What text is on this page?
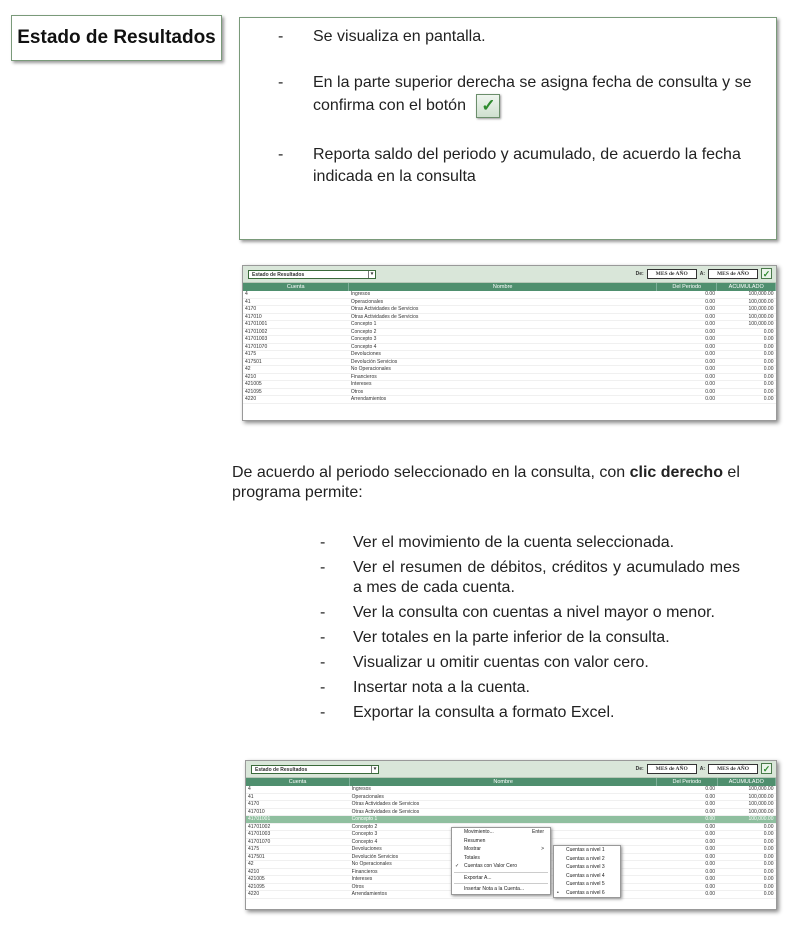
Estado de Resultados	-	Se visualiza en pantalla.
-	En la parte superior derecha se asigna fecha de consulta y se confirma con el botón ✓
-	Reporta saldo del periodo y acumulado, de acuerdo la fecha indicada en la consulta
Estado de Resultados	▾	De:	MES de AÑO	A:	MES de AÑO	✓
Cuenta	Nombre	Del Periodo	ACUMULADO
4	Ingresos	0.00	100,000.00
41	Operacionales	0.00	100,000.00
4170	Otras Actividades de Servicios	0.00	100,000.00
417010	Otras Actividades de Servicios	0.00	100,000.00
41701001	Concepto 1	0.00	100,000.00
41701002	Concepto 2	0.00	0.00
41701003	Concepto 3	0.00	0.00
41701070	Concepto 4	0.00	0.00
4175	Devoluciones	0.00	0.00
417501	Devolución Servicios	0.00	0.00
42	No Operacionales	0.00	0.00
4210	Financieros	0.00	0.00
421005	Intereses	0.00	0.00
421095	Otros	0.00	0.00
4220	Arrendamientos	0.00	0.00
De acuerdo al periodo seleccionado en la consulta, con clic derecho el programa permite:
-	Ver el movimiento de la cuenta seleccionada.
-	Ver el resumen de débitos, créditos y acumulado mes a mes de cada cuenta.
-	Ver la consulta con cuentas a nivel mayor o menor.
-	Ver totales en la parte inferior de la consulta.
-	Visualizar u omitir cuentas con valor cero.
-	Insertar nota a la cuenta.
-	Exportar la consulta a formato Excel.
Estado de Resultados	▾	De:	MES de AÑO	A:	MES de AÑO	✓
Cuenta	Nombre	Del Periodo	ACUMULADO
4	Ingresos	0.00	100,000.00
41	Operacionales	0.00	100,000.00
4170	Otras Actividades de Servicios	0.00	100,000.00
417010	Otras Actividades de Servicios	0.00	100,000.00
41701001	Concepto 1	0.00	100,000.00
41701002	Concepto 2	0.00	0.00
41701003	Concepto 3	0.00	0.00
41701070	Concepto 4	0.00	0.00
4175	Devoluciones	0.00	0.00
417501	Devolución Servicios	0.00	0.00
42	No Operacionales	0.00	0.00
4210	Financieros	0.00	0.00
421005	Intereses	0.00	0.00
421095	Otros	0.00	0.00
4220	Arrendamientos	0.00	0.00
Movimiento...	Enter
Resumen
Mostrar	>
Totales
✓ Cuentas con Valor Cero
Exportar A...
Insertar Nota a la Cuenta...
Cuentas a nivel 1
Cuentas a nivel 2
Cuentas a nivel 3
Cuentas a nivel 4
Cuentas a nivel 5
• Cuentas a nivel 6
